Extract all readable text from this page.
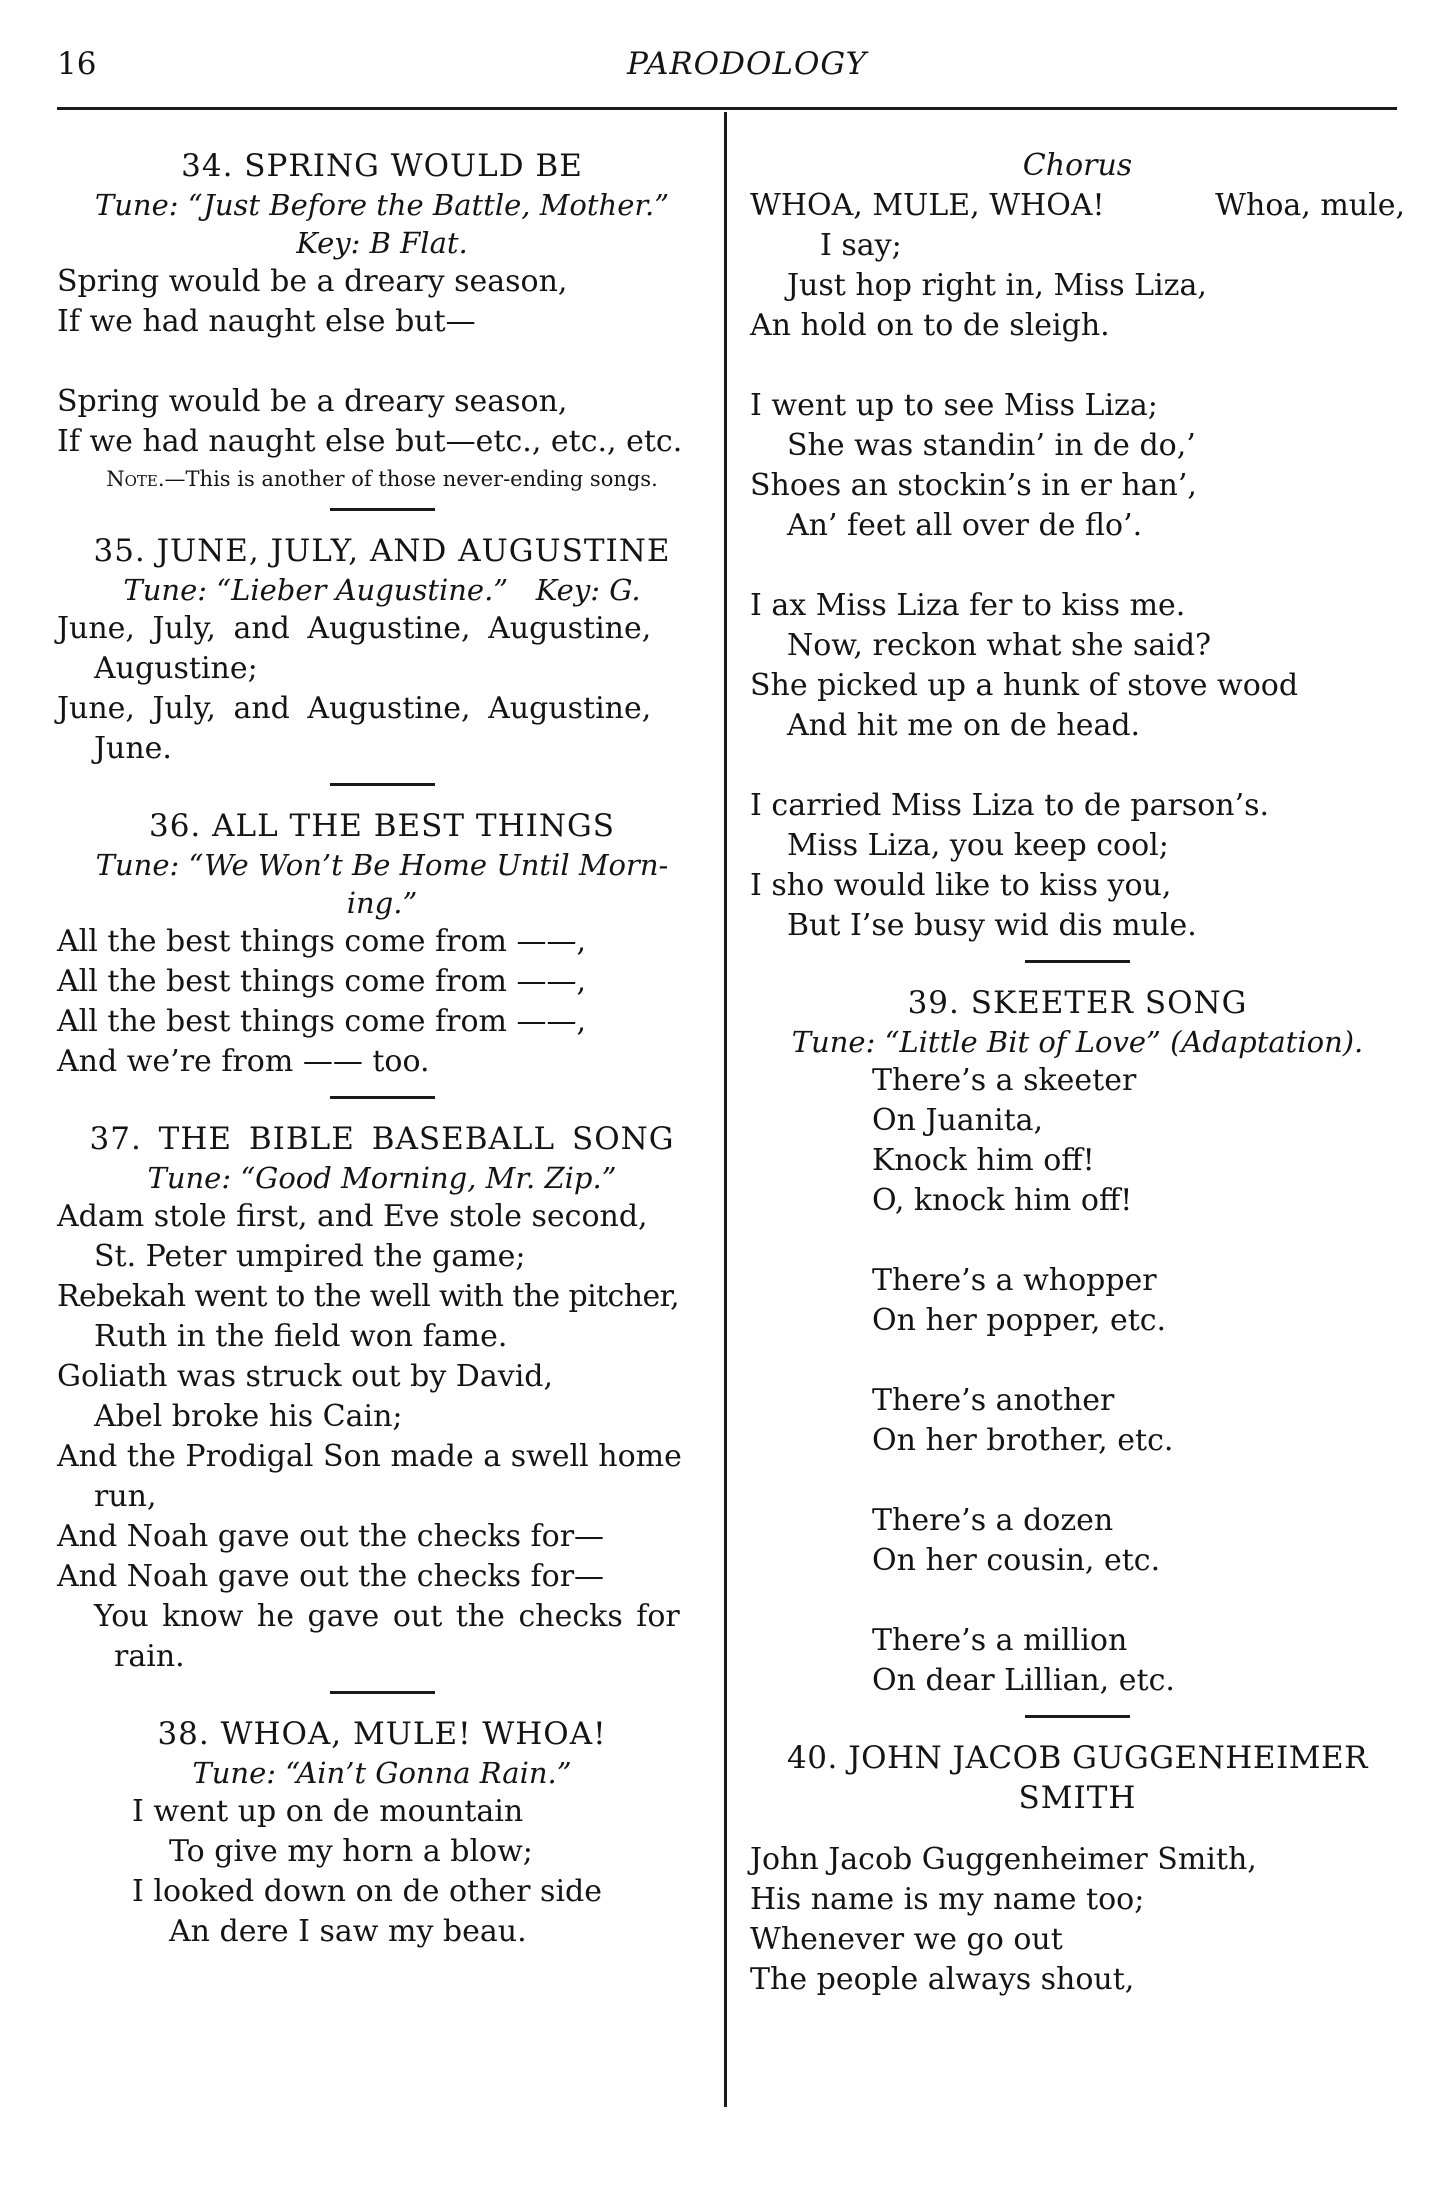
16	PARODOLOGY
34. SPRING WOULD BE
Tune: “Just Before the Battle, Mother.”
Key: B Flat.
Spring would be a dreary season,
If we had naught else but—
Spring would be a dreary season,
If we had naught else but—etc., etc., etc.
Note.—This is another of those never-ending songs.
35. JUNE, JULY, AND AUGUSTINE
Tune: “Lieber Augustine.”   Key: G.
June, July, and Augustine, Augustine,
Augustine;
June, July, and Augustine, Augustine,
June.
36. ALL THE BEST THINGS
Tune: “We Won’t Be Home Until Morn-
ing.”
All the best things come from ——,
All the best things come from ——,
All the best things come from ——,
And we’re from —— too.
37. THE BIBLE BASEBALL SONG
Tune: “Good Morning, Mr. Zip.”
Adam stole first, and Eve stole second,
St. Peter umpired the game;
Rebekah went to the well with the pitcher,
Ruth in the field won fame.
Goliath was struck out by David,
Abel broke his Cain;
And the Prodigal Son made a swell home
run,
And Noah gave out the checks for—
And Noah gave out the checks for—
You know he gave out the checks for
rain.
38. WHOA, MULE! WHOA!
Tune: “Ain’t Gonna Rain.”
I went up on de mountain
To give my horn a blow;
I looked down on de other side
An dere I saw my beau.
Chorus
WHOA, MULE, WHOA!	Whoa, mule,
I say;
Just hop right in, Miss Liza,
An hold on to de sleigh.
I went up to see Miss Liza;
She was standin’ in de do,’
Shoes an stockin’s in er han’,
An’ feet all over de flo’.
I ax Miss Liza fer to kiss me.
Now, reckon what she said?
She picked up a hunk of stove wood
And hit me on de head.
I carried Miss Liza to de parson’s.
Miss Liza, you keep cool;
I sho would like to kiss you,
But I’se busy wid dis mule.
39. SKEETER SONG
Tune: “Little Bit of Love” (Adaptation).
There’s a skeeter
On Juanita,
Knock him off!
O, knock him off!
There’s a whopper
On her popper, etc.
There’s another
On her brother, etc.
There’s a dozen
On her cousin, etc.
There’s a million
On dear Lillian, etc.
40. JOHN JACOB GUGGENHEIMER
SMITH
John Jacob Guggenheimer Smith,
His name is my name too;
Whenever we go out
The people always shout,
